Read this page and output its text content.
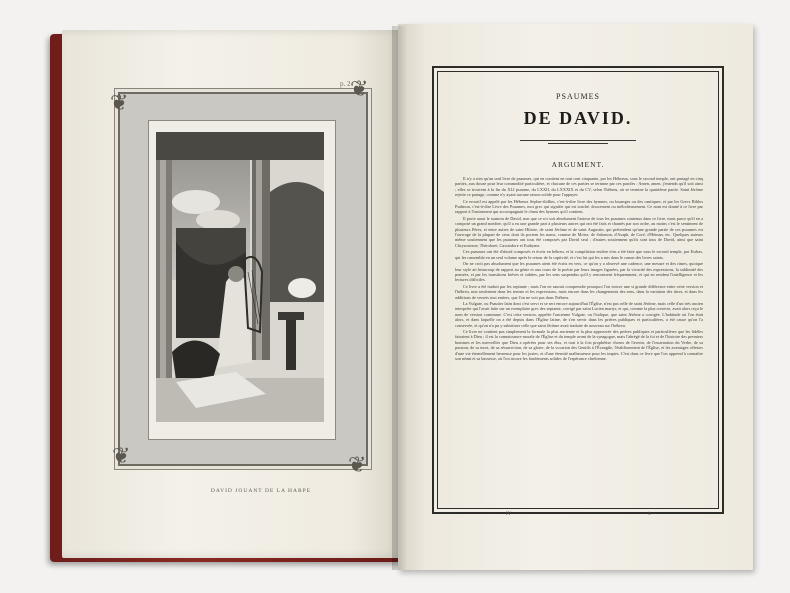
p. 2
❦
❦
❦	❦
DAVID JOUANT DE LA HARPE
PSAUMES
DE DAVID.
ARGUMENT.

Il n'y a rien qu'un seul livre de psaumes, qui en contient en tout cent cinquante, par les Hébreux, sous le second temple, ont partagé en cinq parties, aux douze pour leur commodité particulière, et chacune de ces parties se termine par ces paroles : Amen, amen, j'entends qu'il soit ainsi ; elles se trouvent à la fin du XLI psaume, du LXXII, du LXXXIX et du CV, selon l'hébreu, où se termine la quatrième partie. Saint Jérôme rejette ce partage, comme n'y ayant aucune raison solide pour l'appuyer.

Ce recueil est appelé par les Hébreux Sepher-thillim, c'est-à-dire livre des hymnes, ou louanges ou des cantiques, et par les Grecs Biblos Psalmon, c'est-à-dire Livre des Psaumes, mot grec qui signifie qui est touché, doucement ou mélodieusement. Ce nom est donné à ce livre par rapport à l'instrument qui accompagnait le chant des hymnes qu'il contient.

Il porte aussi le surnom de David, non que ce roi soit absolument l'auteur de tous les psaumes contenus dans ce livre, mais parce qu'il en a composé un grand nombre, qu'il a eu une grande part à plusieurs autres qui ont été faits et chantés par son ordre, au moins c'est le sentiment de plusieurs Pères, et entre autres de saint Hilaire, de saint Jérôme et de saint Augustin, qui prétendent qu'une grande partie de ces psaumes est l'ouvrage de la plupart de ceux dont ils portent les noms, comme de Moïse, de Salomon, d'Asaph, de Coré, d'Héman, etc. Quelques auteurs même soutiennent que les psaumes ont tous été composés par David seul ; d'autres soutiennent qu'ils sont tous de David, ainsi que saint Chrysostome, Théodoret, Cassiodore et Euthyme.

Ces psaumes ont été d'abord composés et écrits en hébreu, et la compilation entière n'en a été faite que sous le second temple, par Esdras, qui les rassembla en un seul volume après le retour de la captivité, et c'est lui qui les a mis dans le canon des livres saints.

On ne croit pas absolument que les psaumes aient été écrits en vers, ce qu'on y a observé une cadence, une mesure et des rimes, quoique leur style ait beaucoup de rapport au génie et aux tours de la poésie par leurs images figurées, par la vivacité des expressions, la sublimité des pensées, et par les transitions brèves et subites, par les sens suspendus qu'il y rencontrent fréquemment, et qui en rendent l'intelligence et les lectures difficiles.

Ce livre a été traduit par les septante ; mais l'on ne saurait comprendre pourquoi l'on trouve une si grande différence entre cette version et l'hébreu, non seulement dans les termes et les expressions, mais encore dans les changements des sens, dans la variation des titres, et dans les additions de versets tout entiers, que l'on ne voit pas dans l'hébreu.

La Vulgate, ou Psautier latin dont c'est servi et se sert encore aujourd'hui l'Église, n'est pas celle de saint Jérôme, mais celle d'un très ancien interprète qui l'avait faite sur un exemplaire grec des septante, corrigé par saint Lucien martyr, et qui, comme la plus correcte, avait alors reçu le nom de version commune. C'est cette version, appelée l'ancienne Vulgate, ou l'italique, que saint Jérôme a corrigée. L'habitude où l'on était alors, et dans laquelle on a été depuis dans l'Église latine, de s'en servir dans les prières publiques et particulières, a été cause qu'on l'a conservée, et qu'on n'a pu y substituer celle que saint Jérôme avait traduite de nouveau sur l'hébreu.

Ce livre ne contient pas simplement la formule la plus ancienne et la plus approuvée des prières publiques et particulières que les fidèles faisaient à Dieu ; il est la connaissance morale de l'Église et du temple avant de la synagogue, mais l'abrégé de la foi et de l'histoire des premiers hommes et les merveilles que Dieu a opérées pour ses élus, et tout à la fois prophétise choses de l'avenir, de l'incarnation du Verbe, de sa passion, de sa mort, de sa résurrection, de sa gloire, de la vocation des Gentils à l'Évangile, l'établissement de l'Église, et les avantages célestes d'une vie éternellement heureuse pour les justes, et d'une éternité malheureuse pour les impies. C'est dans ce livre que l'on apprend à connaître son néant et sa bassesse, où l'on trouve les fondements solides de l'espérance chrétienne.

IV	1
